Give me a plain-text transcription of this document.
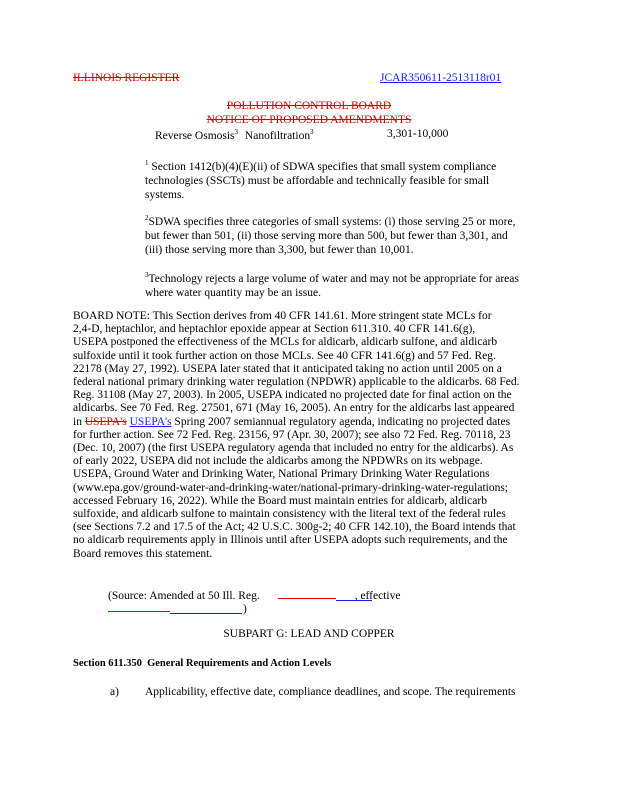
ILLINOIS REGISTER	JCAR350611-2513118r01
POLLUTION CONTROL BOARD
NOTICE OF PROPOSED AMENDMENTS
Reverse Osmosis$^3$ Nanofiltration$^3$	3,301-10,000
$^1$ Section 1412(b)(4)(E)(ii) of SDWA specifies that small system compliance
technologies (SSCTs) must be affordable and technically feasible for small
systems.
$^2$SDWA specifies three categories of small systems: (i) those serving 25 or more,
but fewer than 501, (ii) those serving more than 500, but fewer than 3,301, and
(iii) those serving more than 3,300, but fewer than 10,001.
$^3$Technology rejects a large volume of water and may not be appropriate for areas
where water quantity may be an issue.
BOARD NOTE: This Section derives from 40 CFR 141.61. More stringent state MCLs for
2,4-D, heptachlor, and heptachlor epoxide appear at Section 611.310. 40 CFR 141.6(g),
USEPA postponed the effectiveness of the MCLs for aldicarb, aldicarb sulfone, and aldicarb
sulfoxide until it took further action on those MCLs. See 40 CFR 141.6(g) and 57 Fed. Reg.
22178 (May 27, 1992). USEPA later stated that it anticipated taking no action until 2005 on a
federal national primary drinking water regulation (NPDWR) applicable to the aldicarbs. 68 Fed.
Reg. 31108 (May 27, 2003). In 2005, USEPA indicated no projected date for final action on the
aldicarbs. See 70 Fed. Reg. 27501, 671 (May 16, 2005). An entry for the aldicarbs last appeared
in USEPA's USEPA's Spring 2007 semiannual regulatory agenda, indicating no projected dates
for further action. See 72 Fed. Reg. 23156, 97 (Apr. 30, 2007); see also 72 Fed. Reg. 70118, 23
(Dec. 10, 2007) (the first USEPA regulatory agenda that included no entry for the aldicarbs). As
of early 2022, USEPA did not include the aldicarbs among the NPDWRs on its webpage.
USEPA, Ground Water and Drinking Water, National Primary Drinking Water Regulations
(www.epa.gov/ground-water-and-drinking-water/national-primary-drinking-water-regulations;
accessed February 16, 2022). While the Board must maintain entries for aldicarb, aldicarb
sulfoxide, and aldicarb sulfone to maintain consistency with the literal text of the federal rules
(see Sections 7.2 and 17.5 of the Act; 42 U.S.C. 300g-2; 40 CFR 142.10), the Board intends that
no aldicarb requirements apply in Illinois until after USEPA adopts such requirements, and the
Board removes this statement.
(Source: Amended at 50 Ill. Reg.	, effective
)
SUBPART G: LEAD AND COPPER
Section 611.350 General Requirements and Action Levels
a) Applicability, effective date, compliance deadlines, and scope. The requirements
